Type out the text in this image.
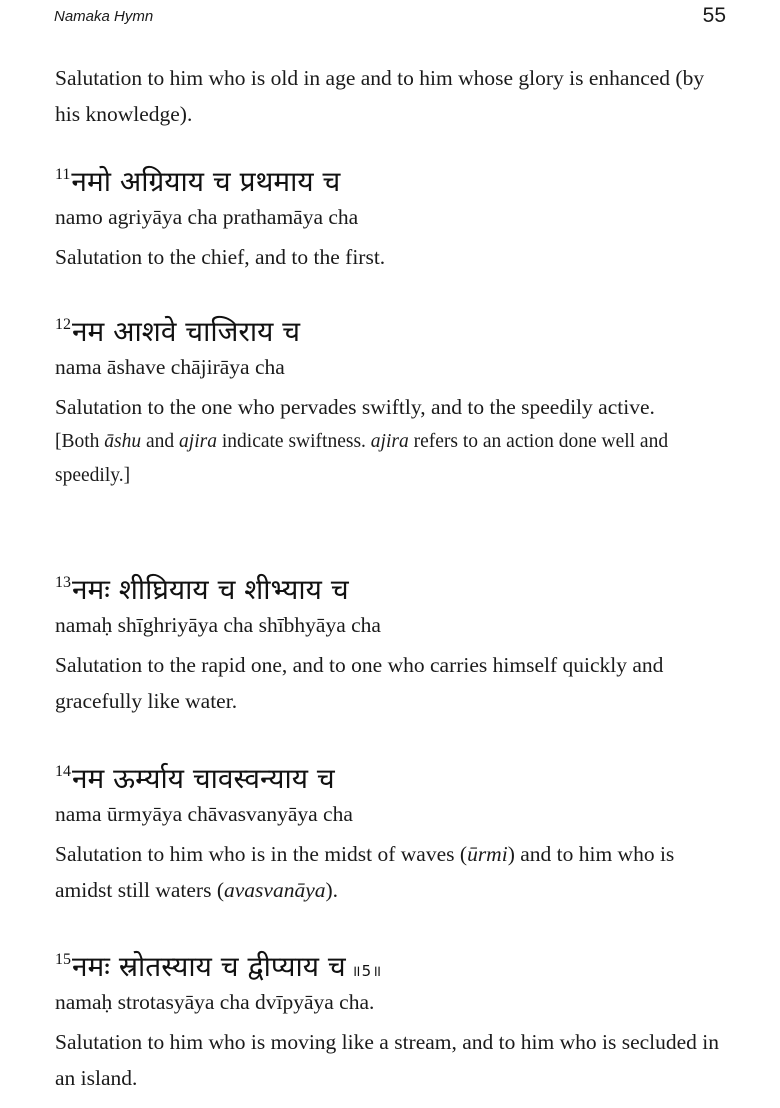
Namaka Hymn	55

Salutation to him who is old in age and to him whose glory is enhanced (by his knowledge).

$^{11}$नमो अग्रियाय च प्रथमाय च
namo agriyāya cha prathamāya cha
Salutation to the chief, and to the first.
$^{12}$नम आशवे चाजिराय च
nama āshave chājirāya cha
Salutation to the one who pervades swiftly, and to the speedily active.
[Both āshu and ajira indicate swiftness. ajira refers to an action done well and speedily.]
$^{13}$नमः शीघ्रियाय च शीभ्याय च
namaḥ shīghriyāya cha shībhyāya cha
Salutation to the rapid one, and to one who carries himself quickly and gracefully like water.
$^{14}$नम ऊर्म्याय चावस्वन्याय च
nama ūrmyāya chāvasvanyāya cha
Salutation to him who is in the midst of waves (ūrmi) and to him who is amidst still waters (avasvanāya).
$^{15}$नमः स्रोतस्याय च द्वीप्याय च ॥5॥
namaḥ strotasyāya cha dvīpyāya cha.
Salutation to him who is moving like a stream, and to him who is secluded in an island.
